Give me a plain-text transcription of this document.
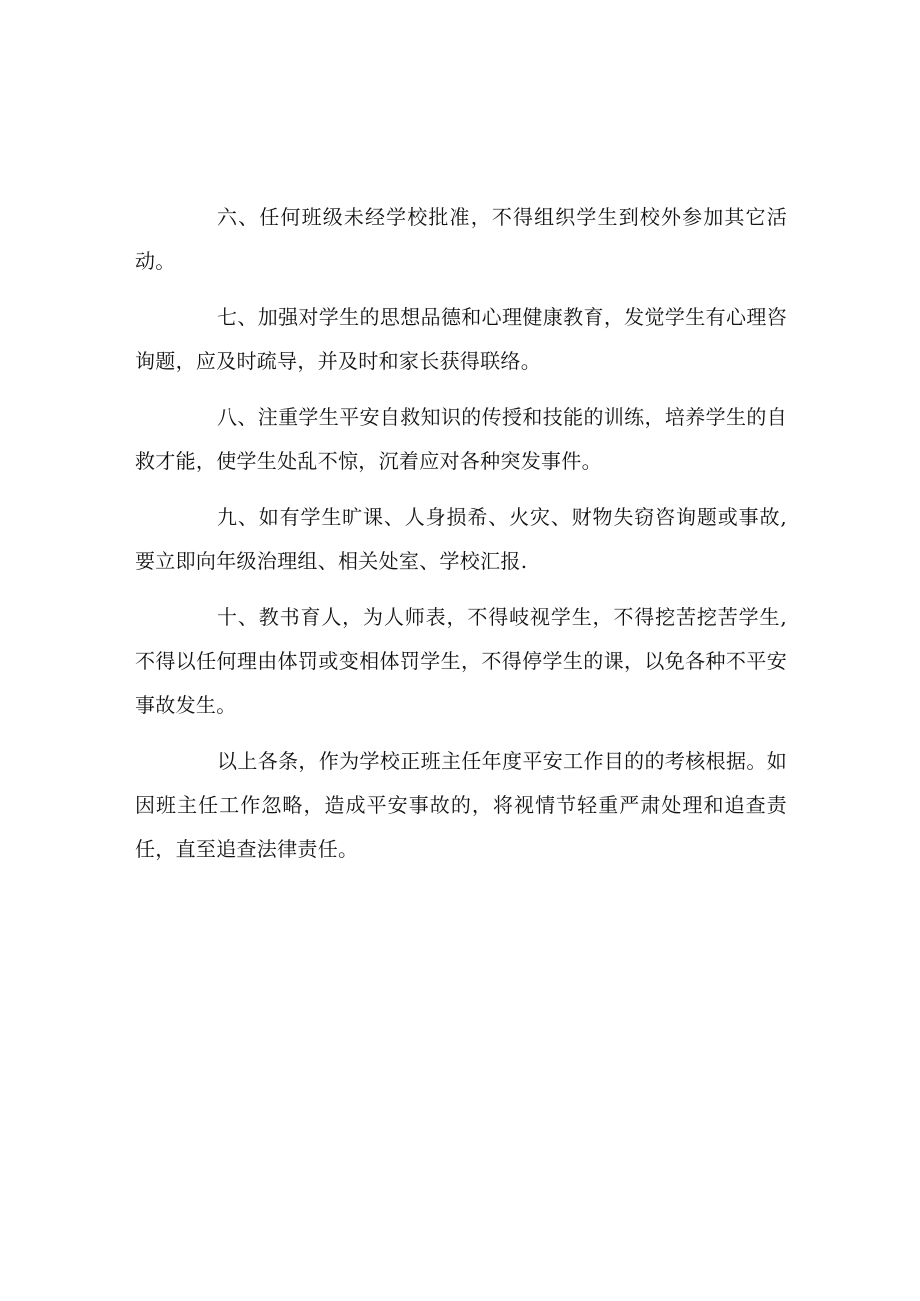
六、任何班级未经学校批准，不得组织学生到校外参加其它活动。

七、加强对学生的思想品德和心理健康教育，发觉学生有心理咨询题，应及时疏导，并及时和家长获得联络。

八、注重学生平安自救知识的传授和技能的训练，培养学生的自救才能，使学生处乱不惊，沉着应对各种突发事件。

九、如有学生旷课、人身损希、火灾、财物失窃咨询题或事故,要立即向年级治理组、相关处室、学校汇报.

十、教书育人，为人师表，不得岐视学生，不得挖苦挖苦学生,不得以任何理由体罚或变相体罚学生，不得停学生的课，以免各种不平安事故发生。

以上各条，作为学校正班主任年度平安工作目的的考核根据。如因班主任工作忽略，造成平安事故的，将视情节轻重严肃处理和追查责任，直至追查法律责任。
